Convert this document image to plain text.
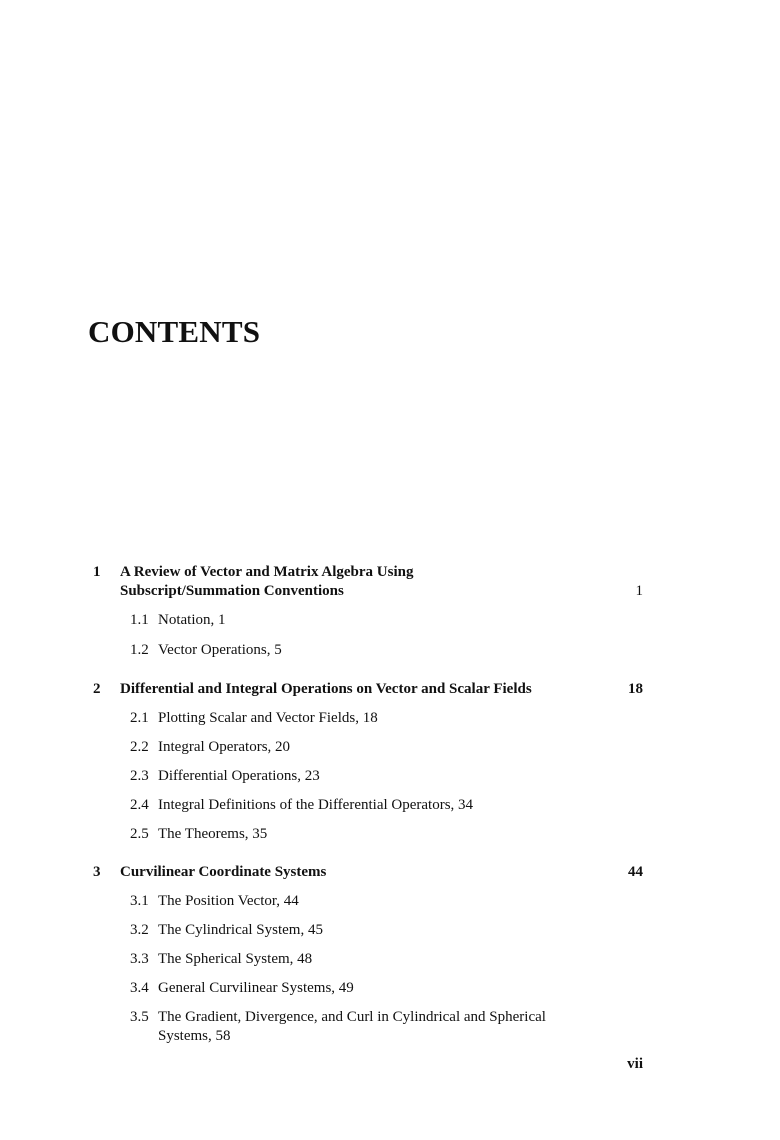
CONTENTS
1 A Review of Vector and Matrix Algebra Using
Subscript/Summation Conventions	1
1.1 Notation, 1
1.2 Vector Operations, 5
2 Differential and Integral Operations on Vector and Scalar Fields	18
2.1 Plotting Scalar and Vector Fields, 18
2.2 Integral Operators, 20
2.3 Differential Operations, 23
2.4 Integral Definitions of the Differential Operators, 34
2.5 The Theorems, 35
3 Curvilinear Coordinate Systems	44
3.1 The Position Vector, 44
3.2 The Cylindrical System, 45
3.3 The Spherical System, 48
3.4 General Curvilinear Systems, 49
3.5 The Gradient, Divergence, and Curl in Cylindrical and Spherical
Systems, 58
vii
